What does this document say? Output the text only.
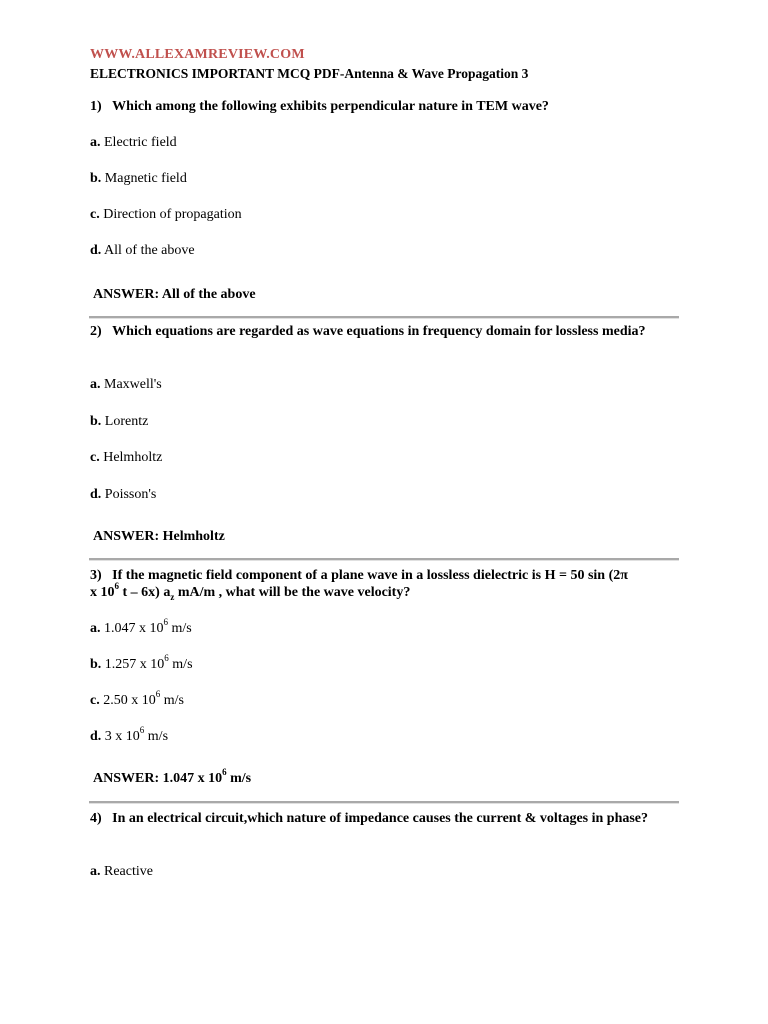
WWW.ALLEXAMREVIEW.COM
ELECTRONICS IMPORTANT MCQ PDF-Antenna & Wave Propagation 3
1) Which among the following exhibits perpendicular nature in TEM wave?
a. Electric field
b. Magnetic field
c. Direction of propagation
d. All of the above
ANSWER: All of the above
2) Which equations are regarded as wave equations in frequency domain for lossless media?
a. Maxwell's
b. Lorentz
c. Helmholtz
d. Poisson's
ANSWER: Helmholtz
3) If the magnetic field component of a plane wave in a lossless dielectric is H = 50 sin (2π
x $10^6$ t – 6x) $a_z$ mA/m , what will be the wave velocity?
a. 1.047 x $10^6$ m/s
b. 1.257 x $10^6$ m/s
c. 2.50 x $10^6$ m/s
d. 3 x $10^6$ m/s
ANSWER: 1.047 x $10^6$ m/s
4) In an electrical circuit,which nature of impedance causes the current & voltages in phase?
a. Reactive
